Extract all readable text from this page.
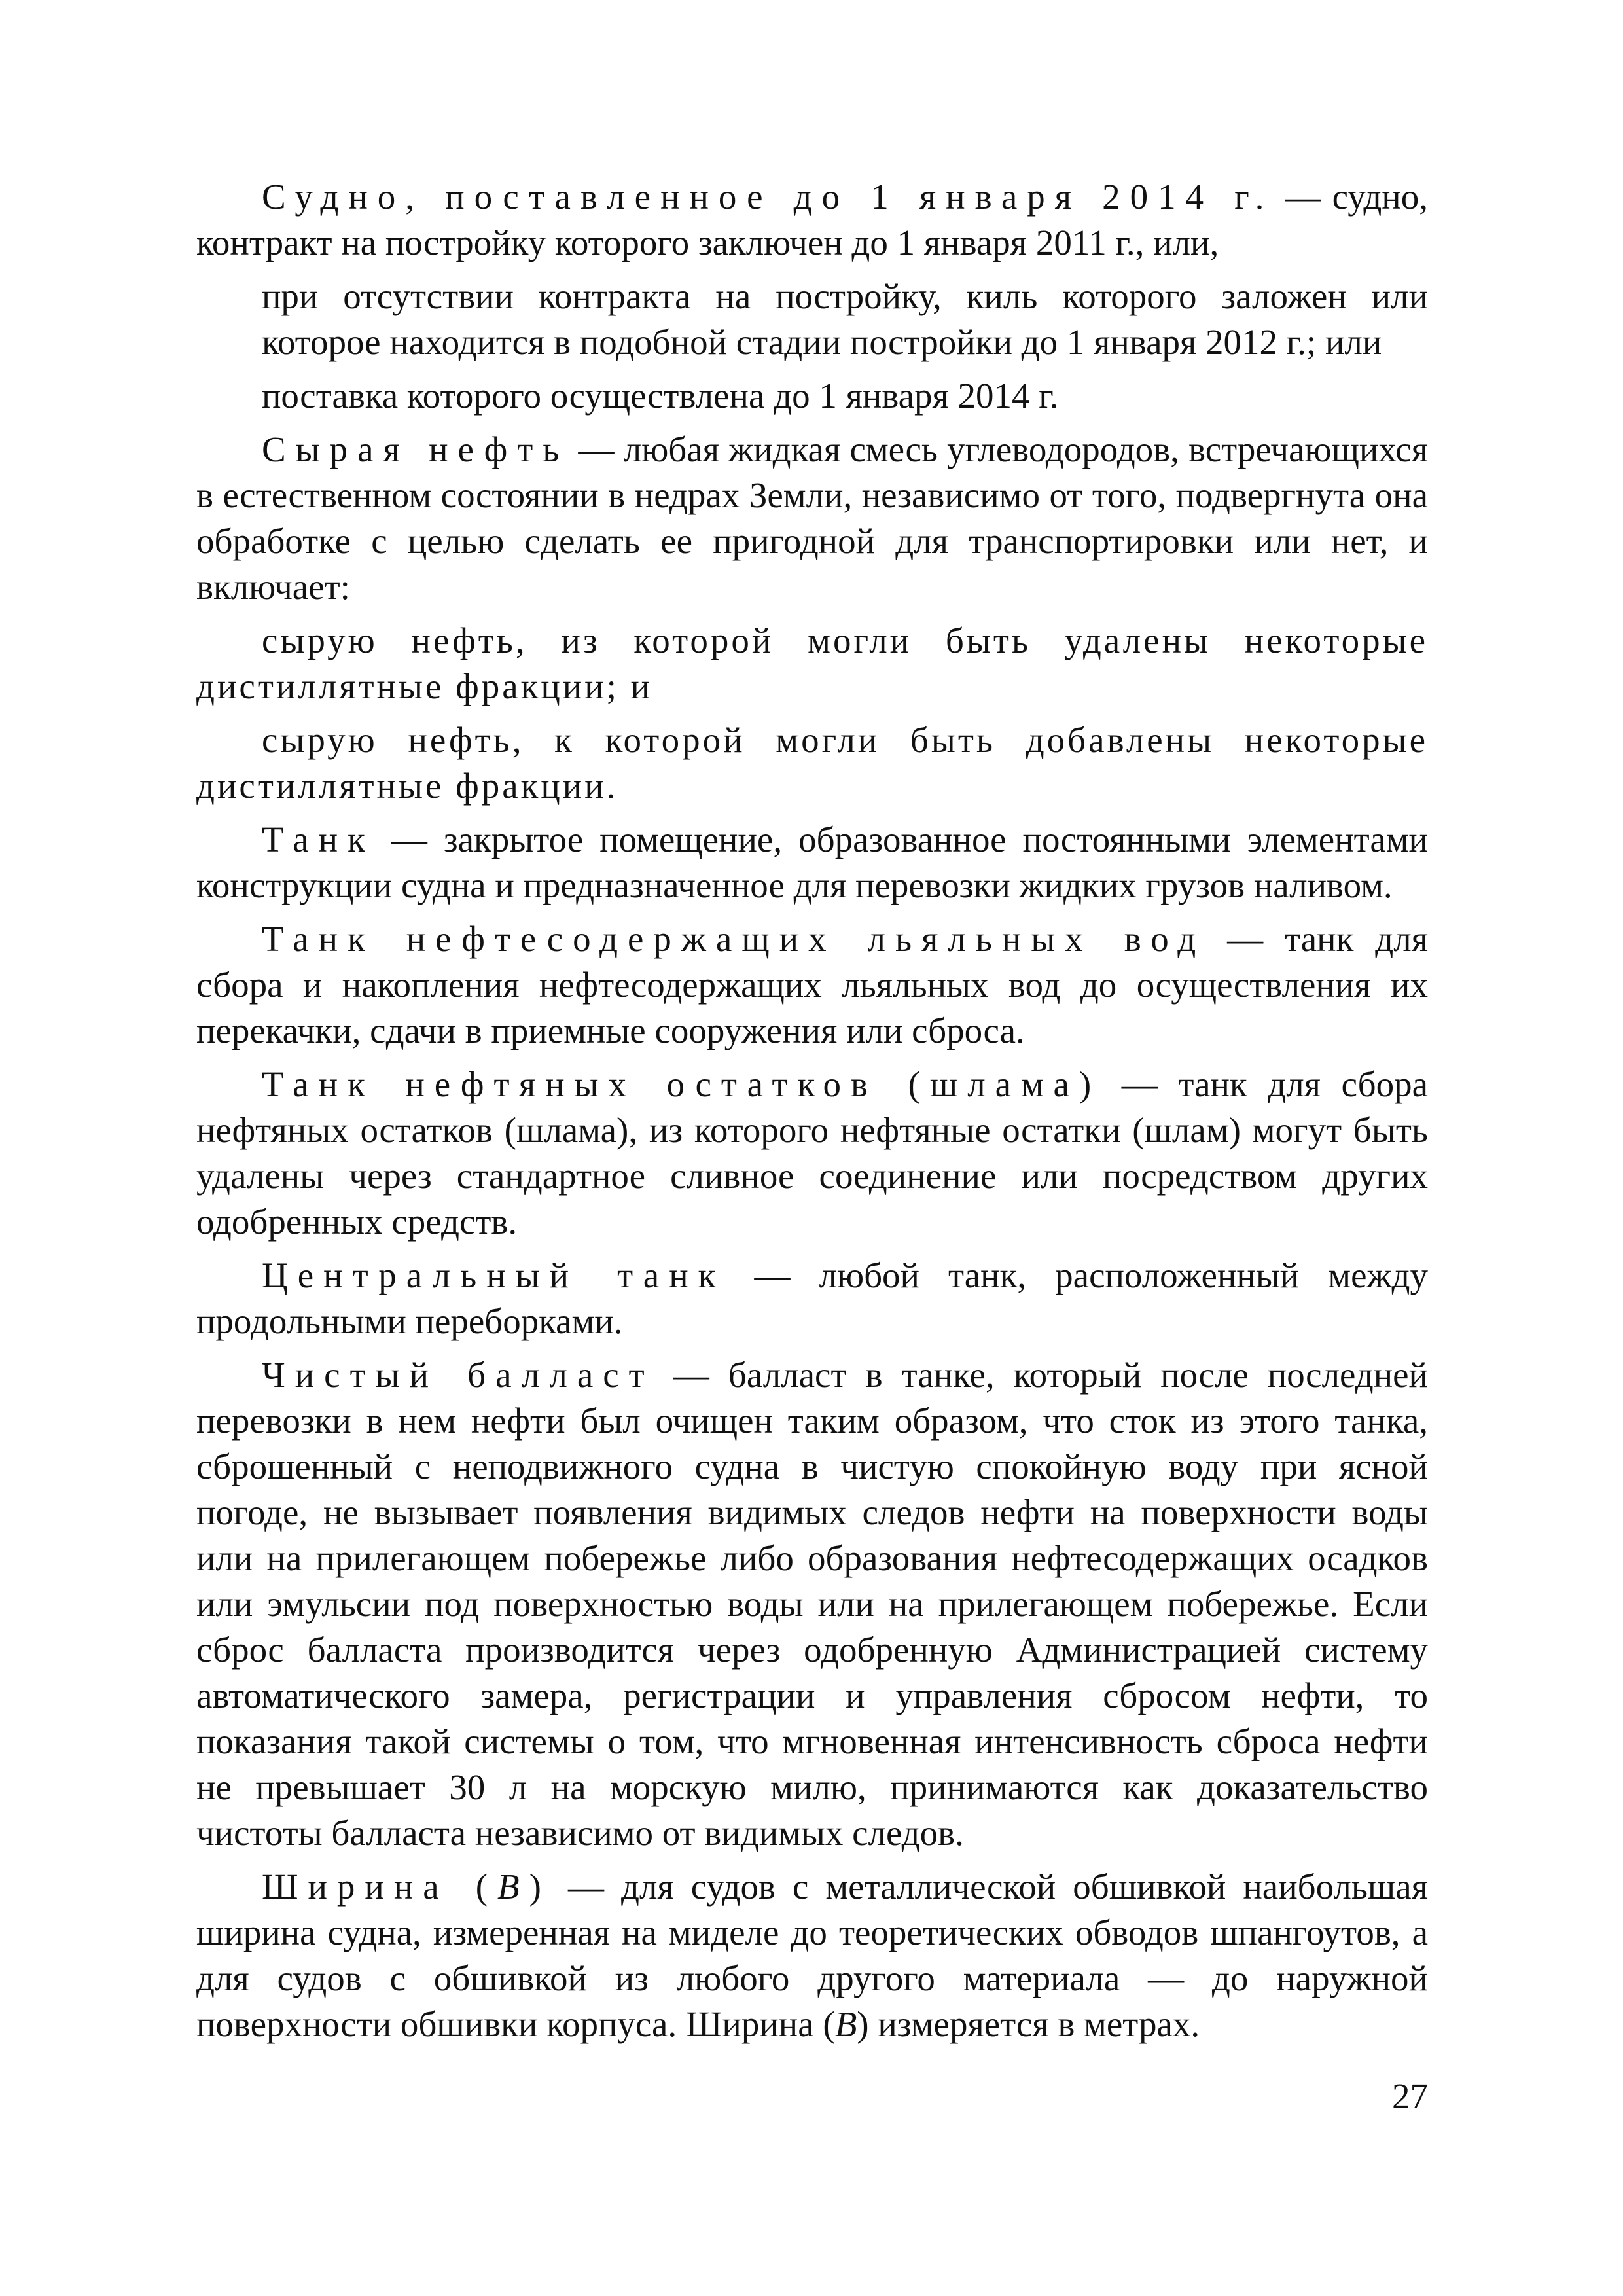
Судно, поставленное до 1 января 2014 г. — судно, контракт на постройку которого заключен до 1 января 2011 г., или,

при отсутствии контракта на постройку, киль которого заложен или которое находится в подобной стадии постройки до 1 января 2012 г.; или

поставка которого осуществлена до 1 января 2014 г.

Сырая нефть — любая жидкая смесь углеводородов, встречающихся в естественном состоянии в недрах Земли, независимо от того, подвергнута она обработке с целью сделать ее пригодной для транспортировки или нет, и включает:

сырую нефть, из которой могли быть удалены некоторые дистиллятные фракции; и

сырую нефть, к которой могли быть добавлены некоторые дистиллятные фракции.

Танк — закрытое помещение, образованное постоянными элементами конструкции судна и предназначенное для перевозки жидких грузов наливом.

Танк нефтесодержащих льяльных вод — танк для сбора и накопления нефтесодержащих льяльных вод до осуществления их перекачки, сдачи в приемные сооружения или сброса.

Танк нефтяных остатков (шлама) — танк для сбора нефтяных остатков (шлама), из которого нефтяные остатки (шлам) могут быть удалены через стандартное сливное соединение или посредством других одобренных средств.

Центральный танк — любой танк, расположенный между продольными переборками.

Чистый балласт — балласт в танке, который после последней перевозки в нем нефти был очищен таким образом, что сток из этого танка, сброшенный с неподвижного судна в чистую спокойную воду при ясной погоде, не вызывает появления видимых следов нефти на поверхности воды или на прилегающем побережье либо образования нефтесодержащих осадков или эмульсии под поверхностью воды или на прилегающем побережье. Если сброс балласта производится через одобренную Администрацией систему автоматического замера, регистрации и управления сбросом нефти, то показания такой системы о том, что мгновенная интенсивность сброса нефти не превышает 30 л на морскую милю, принимаются как доказательство чистоты балласта независимо от видимых следов.

Ширина (B) — для судов с металлической обшивкой наибольшая ширина судна, измеренная на миделе до теоретических обводов шпангоутов, а для судов с обшивкой из любого другого материала — до наружной поверхности обшивки корпуса. Ширина (B) измеряется в метрах.

27
